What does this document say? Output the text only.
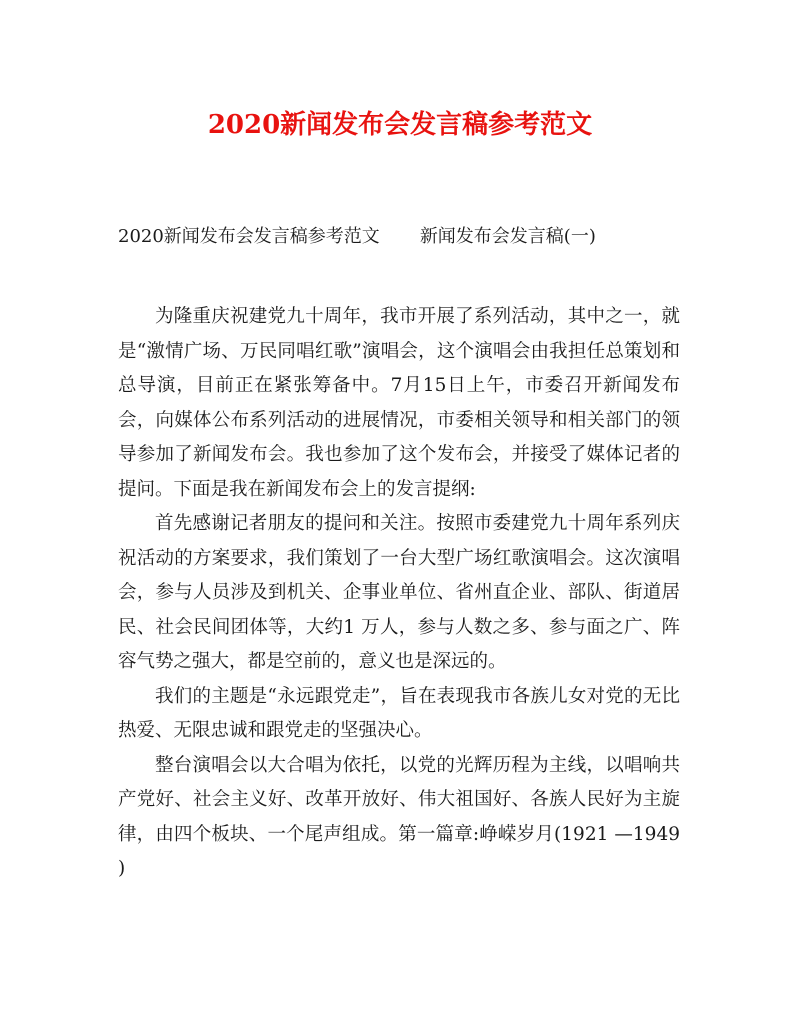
2020新闻发布会发言稿参考范文
2020新闻发布会发言稿参考范文 新闻发布会发言稿(一)

为隆重庆祝建党九十周年，我市开展了系列活动，其中之一，就是“激情广场、万民同唱红歌”演唱会，这个演唱会由我担任总策划和总导演，目前正在紧张筹备中。7月15日上午，市委召开新闻发布会，向媒体公布系列活动的进展情况，市委相关领导和相关部门的领导参加了新闻发布会。我也参加了这个发布会，并接受了媒体记者的提问。下面是我在新闻发布会上的发言提纲:

首先感谢记者朋友的提问和关注。按照市委建党九十周年系列庆祝活动的方案要求，我们策划了一台大型广场红歌演唱会。这次演唱会，参与人员涉及到机关、企事业单位、省州直企业、部队、街道居民、社会民间团体等，大约1 万人，参与人数之多、参与面之广、阵容气势之强大，都是空前的，意义也是深远的。

我们的主题是“永远跟党走”，旨在表现我市各族儿女对党的无比热爱、无限忠诚和跟党走的坚强决心。

整台演唱会以大合唱为依托，以党的光辉历程为主线，以唱响共产党好、社会主义好、改革开放好、伟大祖国好、各族人民好为主旋律，由四个板块、一个尾声组成。第一篇章:峥嵘岁月(1921 —1949 )
